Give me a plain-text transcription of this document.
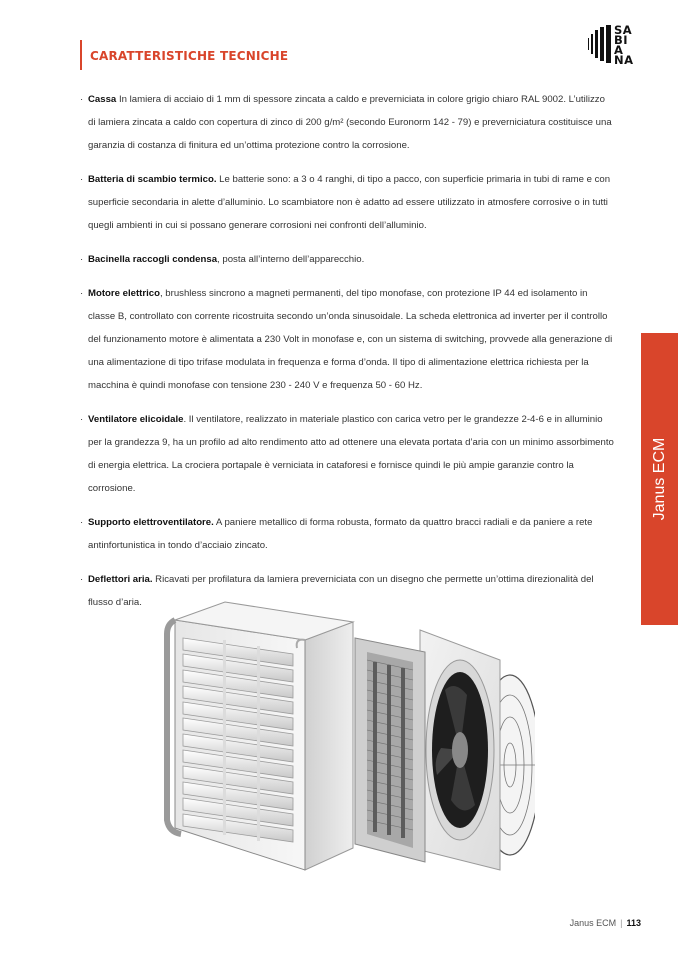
CARATTERISTICHE TECNICHE
SA
BI
A
NA
· Cassa In lamiera di acciaio di 1 mm di spessore zincata a caldo e preverniciata in colore grigio chiaro RAL 9002. L’utilizzo di lamiera zincata a caldo con copertura di zinco di 200 g/m² (secondo Euronorm 142 - 79) e preverniciatura costituisce una garanzia di costanza di finitura ed un’ottima protezione contro la corrosione.
· Batteria di scambio termico. Le batterie sono: a 3 o 4 ranghi, di tipo a pacco, con superficie primaria in tubi di rame e con superficie secondaria in alette d’alluminio. Lo scambiatore non è adatto ad essere utilizzato in atmosfere corrosive o in tutti quegli ambienti in cui si possano generare corrosioni nei confronti dell’alluminio.
· Bacinella raccogli condensa, posta all’interno dell’apparecchio.
· Motore elettrico, brushless sincrono a magneti permanenti, del tipo monofase, con protezione IP 44 ed isolamento in classe B, controllato con corrente ricostruita secondo un’onda sinusoidale. La scheda elettronica ad inverter per il controllo del funzionamento motore è alimentata a 230 Volt in monofase e, con un sistema di switching, provvede alla generazione di una alimentazione di tipo trifase modulata in frequenza e forma d’onda. Il tipo di alimentazione elettrica richiesta per la macchina è quindi monofase con tensione 230 - 240 V e frequenza 50 - 60 Hz.
· Ventilatore elicoidale. Il ventilatore, realizzato in materiale plastico con carica vetro per le grandezze 2-4-6 e in alluminio per la grandezza 9, ha un profilo ad alto rendimento atto ad ottenere una elevata portata d’aria con un minimo assorbimento di energia elettrica. La crociera portapale è verniciata in cataforesi e fornisce quindi le più ampie garanzie contro la corrosione.
· Supporto elettroventilatore. A paniere metallico di forma robusta, formato da quattro bracci radiali e da paniere a rete antinfortunistica in tondo d’acciaio zincato.
· Deflettori aria. Ricavati per profilatura da lamiera preverniciata con un disegno che permette un’ottima direzionalità del flusso d’aria.
Janus ECM
Janus ECM | 113
